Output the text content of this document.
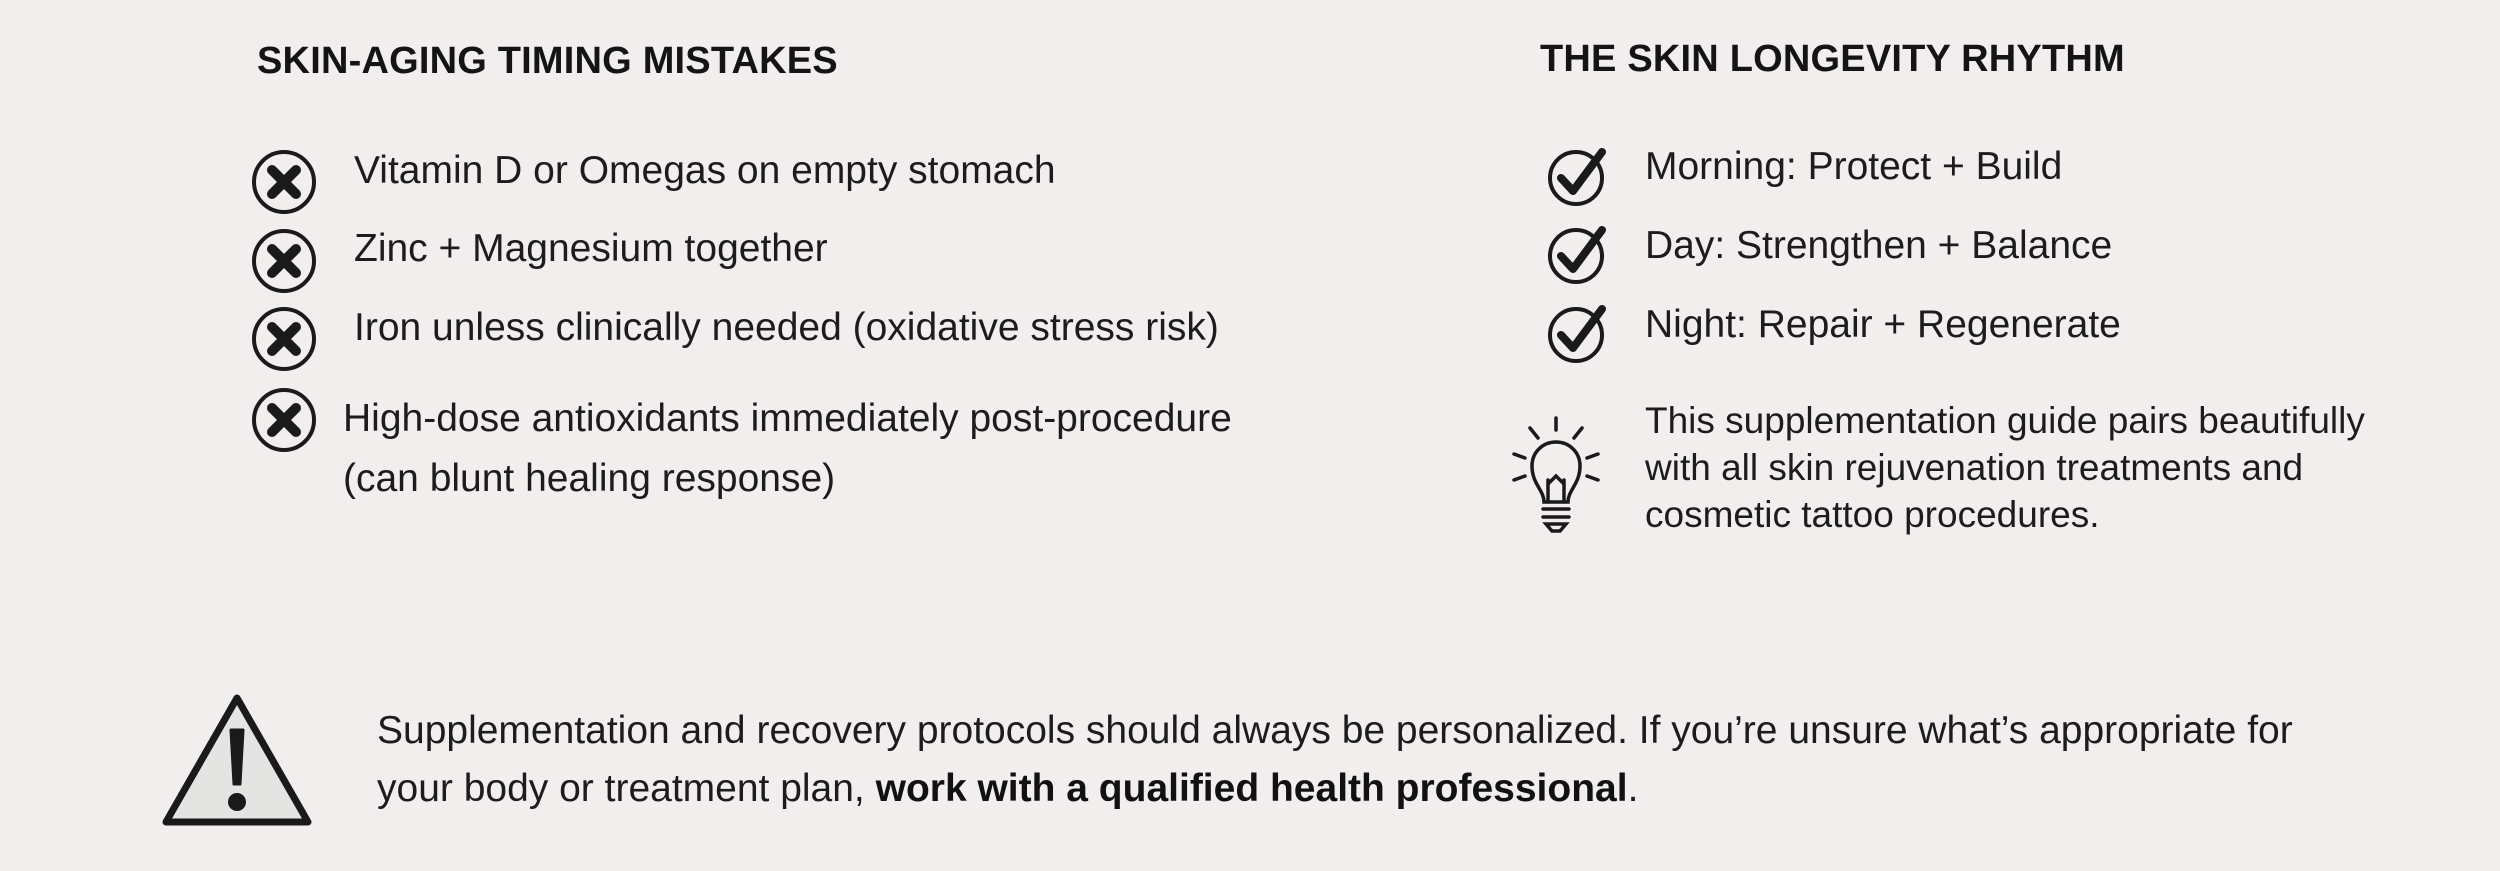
SKIN-AGING TIMING MISTAKES
Vitamin D or Omegas on empty stomach
Zinc + Magnesium together
Iron unless clinically needed (oxidative stress risk)
High-dose antioxidants immediately post-procedure
(can blunt healing response)
THE SKIN LONGEVITY RHYTHM
Morning: Protect + Build
Day: Strengthen + Balance
Night: Repair + Regenerate
This supplementation guide pairs beautifully with all skin rejuvenation treatments and cosmetic tattoo procedures.
Supplementation and recovery protocols should always be personalized. If you’re unsure what’s appropriate for your body or treatment plan, work with a qualified health professional.
